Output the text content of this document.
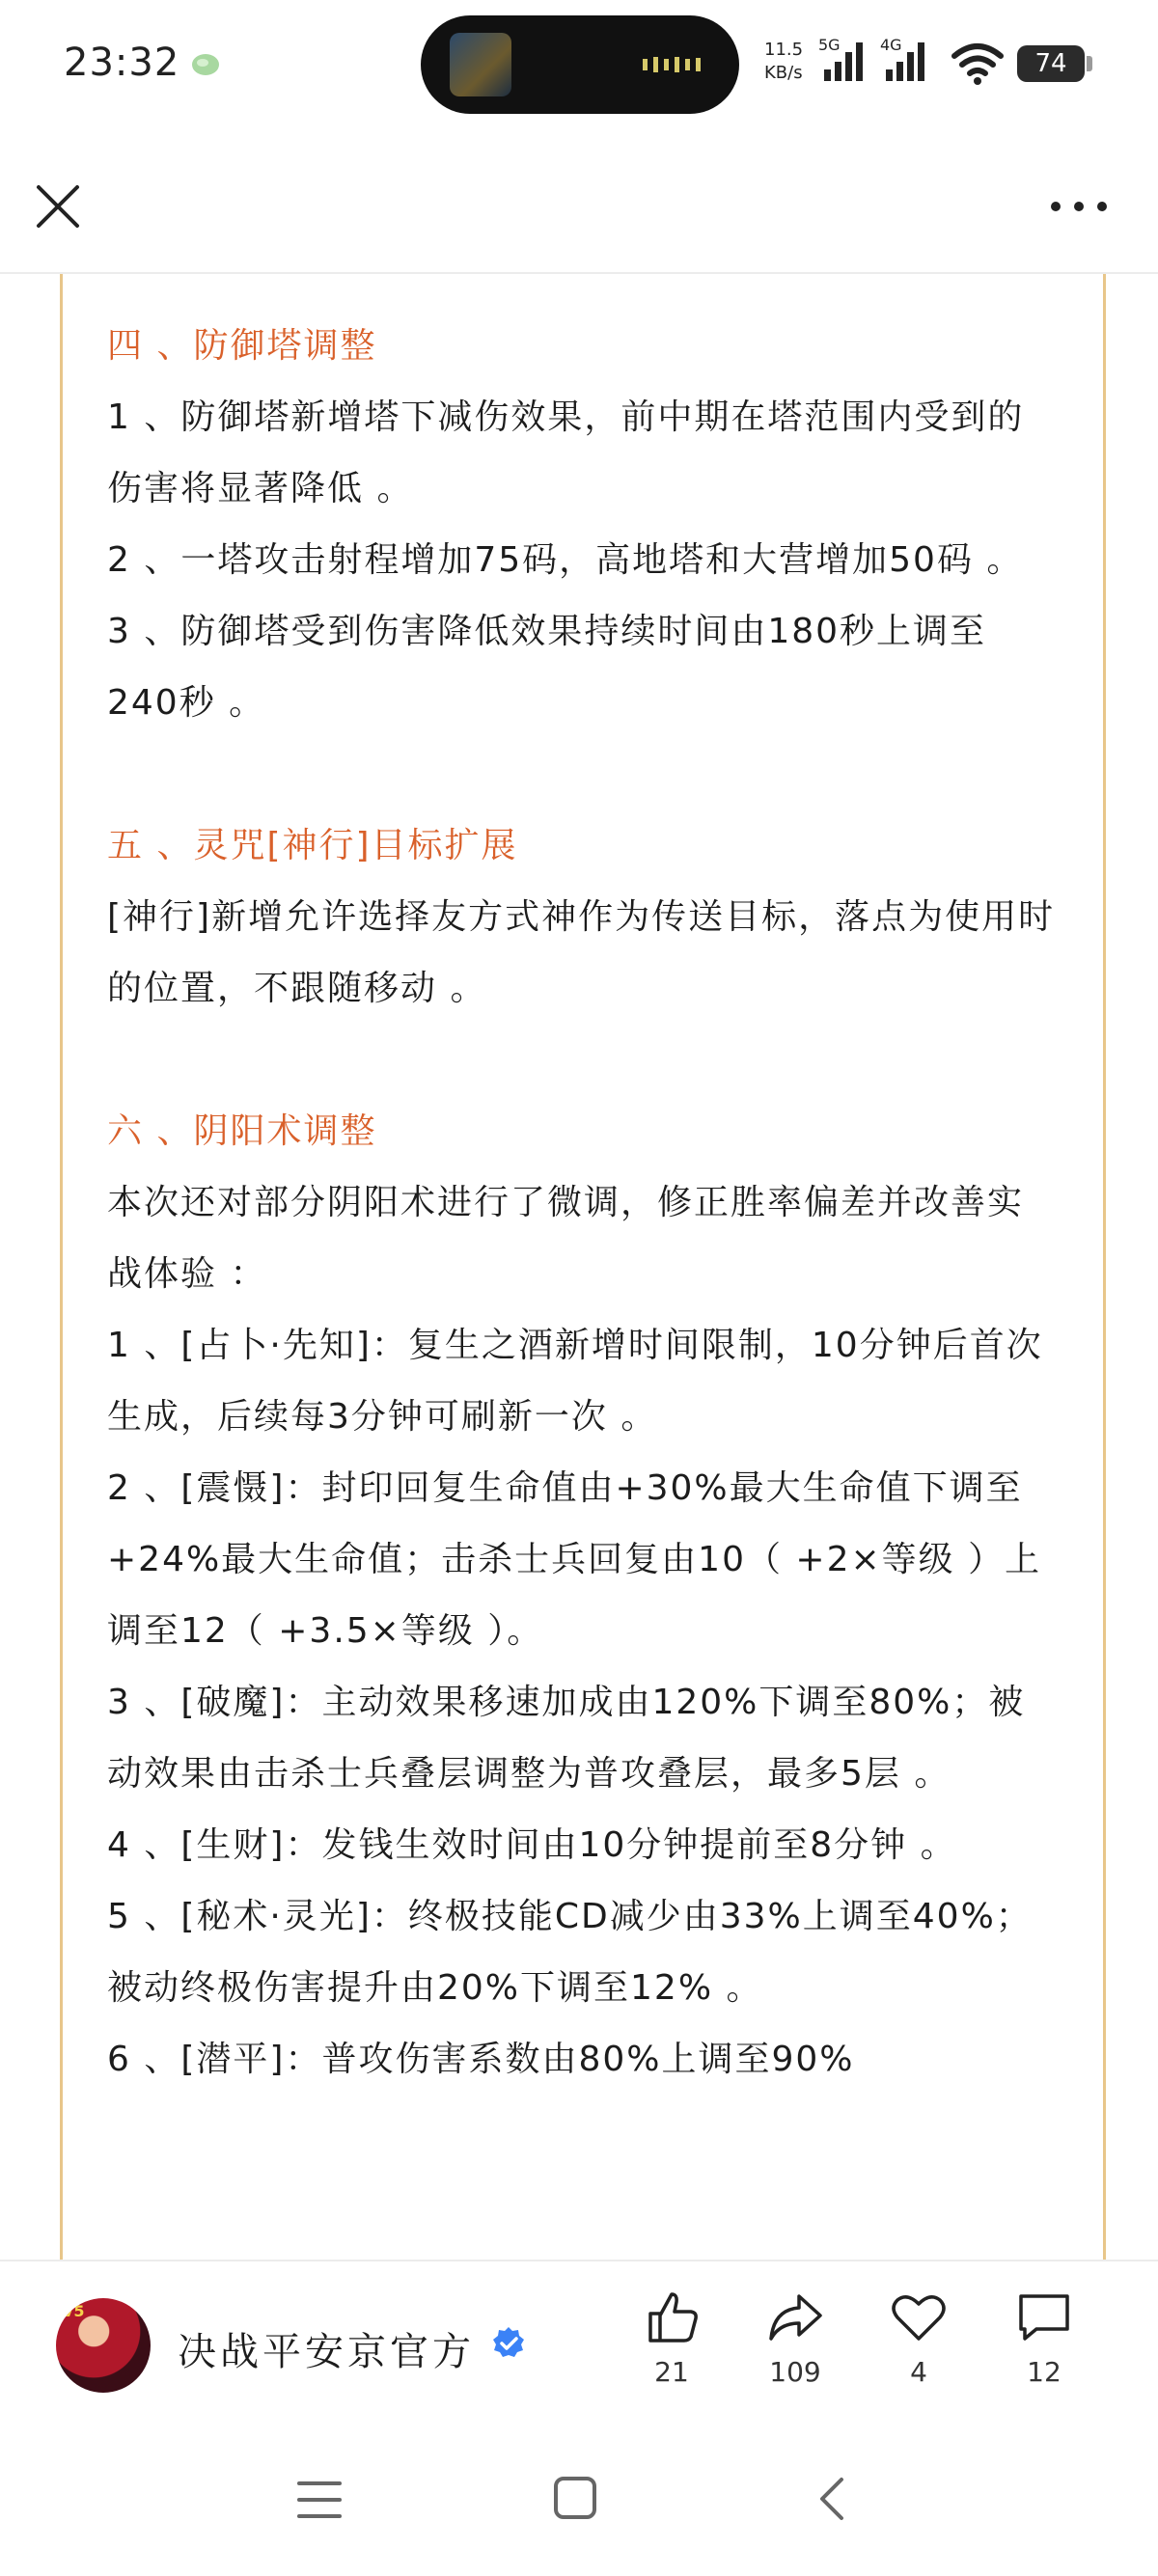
23:32	11.5
KB/s
5G	4G
74
四 、防御塔调整

1 、防御塔新增塔下减伤效果，前中期在塔范围内受到的伤害将显著降低 。

2 、一塔攻击射程增加75码，高地塔和大营增加50码 。

3 、防御塔受到伤害降低效果持续时间由180秒上调至240秒 。

五 、灵咒[神行]目标扩展

[神行]新增允许选择友方式神作为传送目标，落点为使用时的位置，不跟随移动 。

六 、阴阳术调整

本次还对部分阴阳术进行了微调，修正胜率偏差并改善实战体验 ：

1 、[占卜·先知]：复生之酒新增时间限制，10分钟后首次生成，后续每3分钟可刷新一次 。

2 、[震慑]：封印回复生命值由+30%最大生命值下调至+24%最大生命值；击杀士兵回复由10（ +2×等级 ）上调至12（ +3.5×等级 ）。

3 、[破魔]：主动效果移速加成由120%下调至80%；被动效果由击杀士兵叠层调整为普攻叠层，最多5层 。

4 、[生财]：发钱生效时间由10分钟提前至8分钟 。

5 、[秘术·灵光]：终极技能CD减少由33%上调至40%；被动终极伤害提升由20%下调至12% 。

6 、[潜平]：普攻伤害系数由80%上调至90%

V5
决战平安京官方	21	109	4	12
